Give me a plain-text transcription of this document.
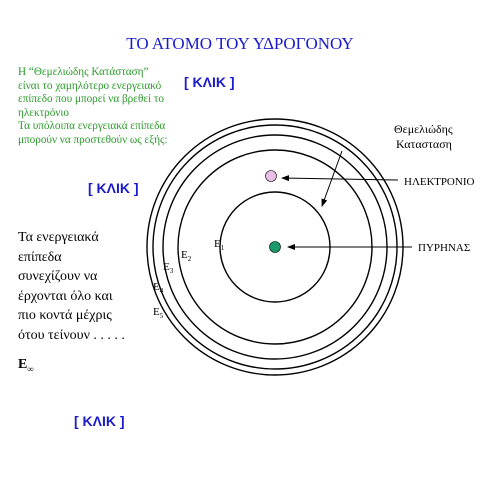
ΤΟ ΑΤΟΜΟ ΤΟΥ ΥΔΡΟΓΟΝΟΥ
Η “Θεμελιώδης Κατάσταση”
είναι το χαμηλότερο ενεργειακό
επίπεδο που μπορεί να βρεθεί το
ηλεκτρόνιο
Τα υπόλοιπα ενεργειακά επίπεδα
μπορούν να προστεθούν ως εξής:
[ ΚΛΙΚ ]
[ ΚΛΙΚ ]
[ ΚΛΙΚ ]
Τα ενεργειακά
επίπεδα
συνεχίζουν να
έρχονται όλο και
πιο κοντά μέχρις
ότου τείνουν . . . . .
$E_\infty$
Θεμελιώδης
Κατασταση
ΗΛΕΚΤΡΟΝΙΟ
ΠΥΡΗΝΑΣ
$E_1$
$E_2$
$E_3$
$E_4$
$E_5$
